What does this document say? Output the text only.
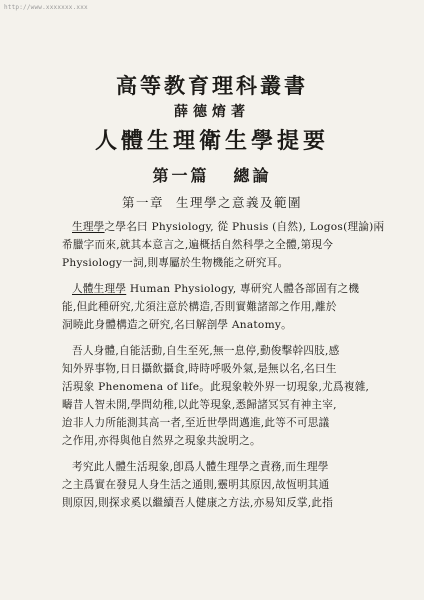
http://www.xxxxxxx.xxx
高等教育理科叢書
薛德焴著
人體生理衛生學提要
第一篇 總論
第一章 生理學之意義及範圍
生理學之學名曰 Physiology, 從 Phusis (自然), Logos(理論)兩
希臘字而來,就其本意言之,遍概括自然科學之全體,第現今
Physiology一詞,則專屬於生物機能之研究耳。
人體生理學 Human Physiology, 專研究人體各部固有之機
能,但此種研究,尤須注意於構造,否則實難諸部之作用,離於
洞曉此身體構造之研究,名曰解剖學 Anatomy。
吾人身體,自能活動,自生至死,無一息停,動俊擊幹四肢,感
知外界事物,日日攝飲攝食,時時呼吸外氣,是無以名,名曰生
活現象 Phenomena of life。此現象較外界一切現象,尤爲複雜,
疇昔人智未開,學問幼稚,以此等現象,悉歸諸冥冥有神主宰,
迨非人力所能測其高一者,至近世學問邁進,此等不可思議
之作用,亦得與他自然界之現象共說明之。
考究此人體生活現象,卽爲人體生理學之責務,而生理學
之主爲實在發見人身生活之通則,靈明其原因,故恆明其通
則原因,則探求奚以繼續吾人健康之方法,亦易知反掌,此指
